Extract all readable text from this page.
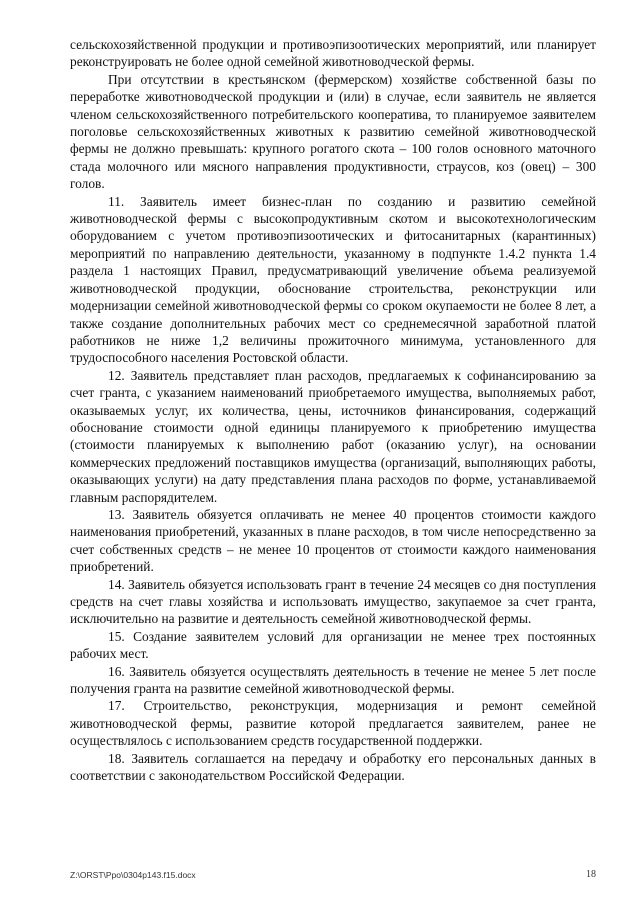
сельскохозяйственной продукции и противоэпизоотических мероприятий, или планирует реконструировать не более одной семейной животноводческой фермы.

При отсутствии в крестьянском (фермерском) хозяйстве собственной базы по переработке животноводческой продукции и (или) в случае, если заявитель не является членом сельскохозяйственного потребительского кооператива, то планируемое заявителем поголовье сельскохозяйственных животных к развитию семейной животноводческой фермы не должно превышать: крупного рогатого скота – 100 голов основного маточного стада молочного или мясного направления продуктивности, страусов, коз (овец) – 300 голов.

11. Заявитель имеет бизнес-план по созданию и развитию семейной животноводческой фермы с высокопродуктивным скотом и высокотехнологическим оборудованием с учетом противоэпизоотических и фитосанитарных (карантинных) мероприятий по направлению деятельности, указанному в подпункте 1.4.2 пункта 1.4 раздела 1 настоящих Правил, предусматривающий увеличение объема реализуемой животноводческой продукции, обоснование строительства, реконструкции или модернизации семейной животноводческой фермы со сроком окупаемости не более 8 лет, а также создание дополнительных рабочих мест со среднемесячной заработной платой работников не ниже 1,2 величины прожиточного минимума, установленного для трудоспособного населения Ростовской области.

12. Заявитель представляет план расходов, предлагаемых к софинансированию за счет гранта, с указанием наименований приобретаемого имущества, выполняемых работ, оказываемых услуг, их количества, цены, источников финансирования, содержащий обоснование стоимости одной единицы планируемого к приобретению имущества (стоимости планируемых к выполнению работ (оказанию услуг), на основании коммерческих предложений поставщиков имущества (организаций, выполняющих работы, оказывающих услуги) на дату представления плана расходов по форме, устанавливаемой главным распорядителем.

13. Заявитель обязуется оплачивать не менее 40 процентов стоимости каждого наименования приобретений, указанных в плане расходов, в том числе непосредственно за счет собственных средств – не менее 10 процентов от стоимости каждого наименования приобретений.

14. Заявитель обязуется использовать грант в течение 24 месяцев со дня поступления средств на счет главы хозяйства и использовать имущество, закупаемое за счет гранта, исключительно на развитие и деятельность семейной животноводческой фермы.

15. Создание заявителем условий для организации не менее трех постоянных рабочих мест.

16. Заявитель обязуется осуществлять деятельность в течение не менее 5 лет после получения гранта на развитие семейной животноводческой фермы.

17. Строительство, реконструкция, модернизация и ремонт семейной животноводческой фермы, развитие которой предлагается заявителем, ранее не осуществлялось с использованием средств государственной поддержки.

18. Заявитель соглашается на передачу и обработку его персональных данных в соответствии с законодательством Российской Федерации.

Z:\ORST\Ppo\0304p143.f15.docx	18
